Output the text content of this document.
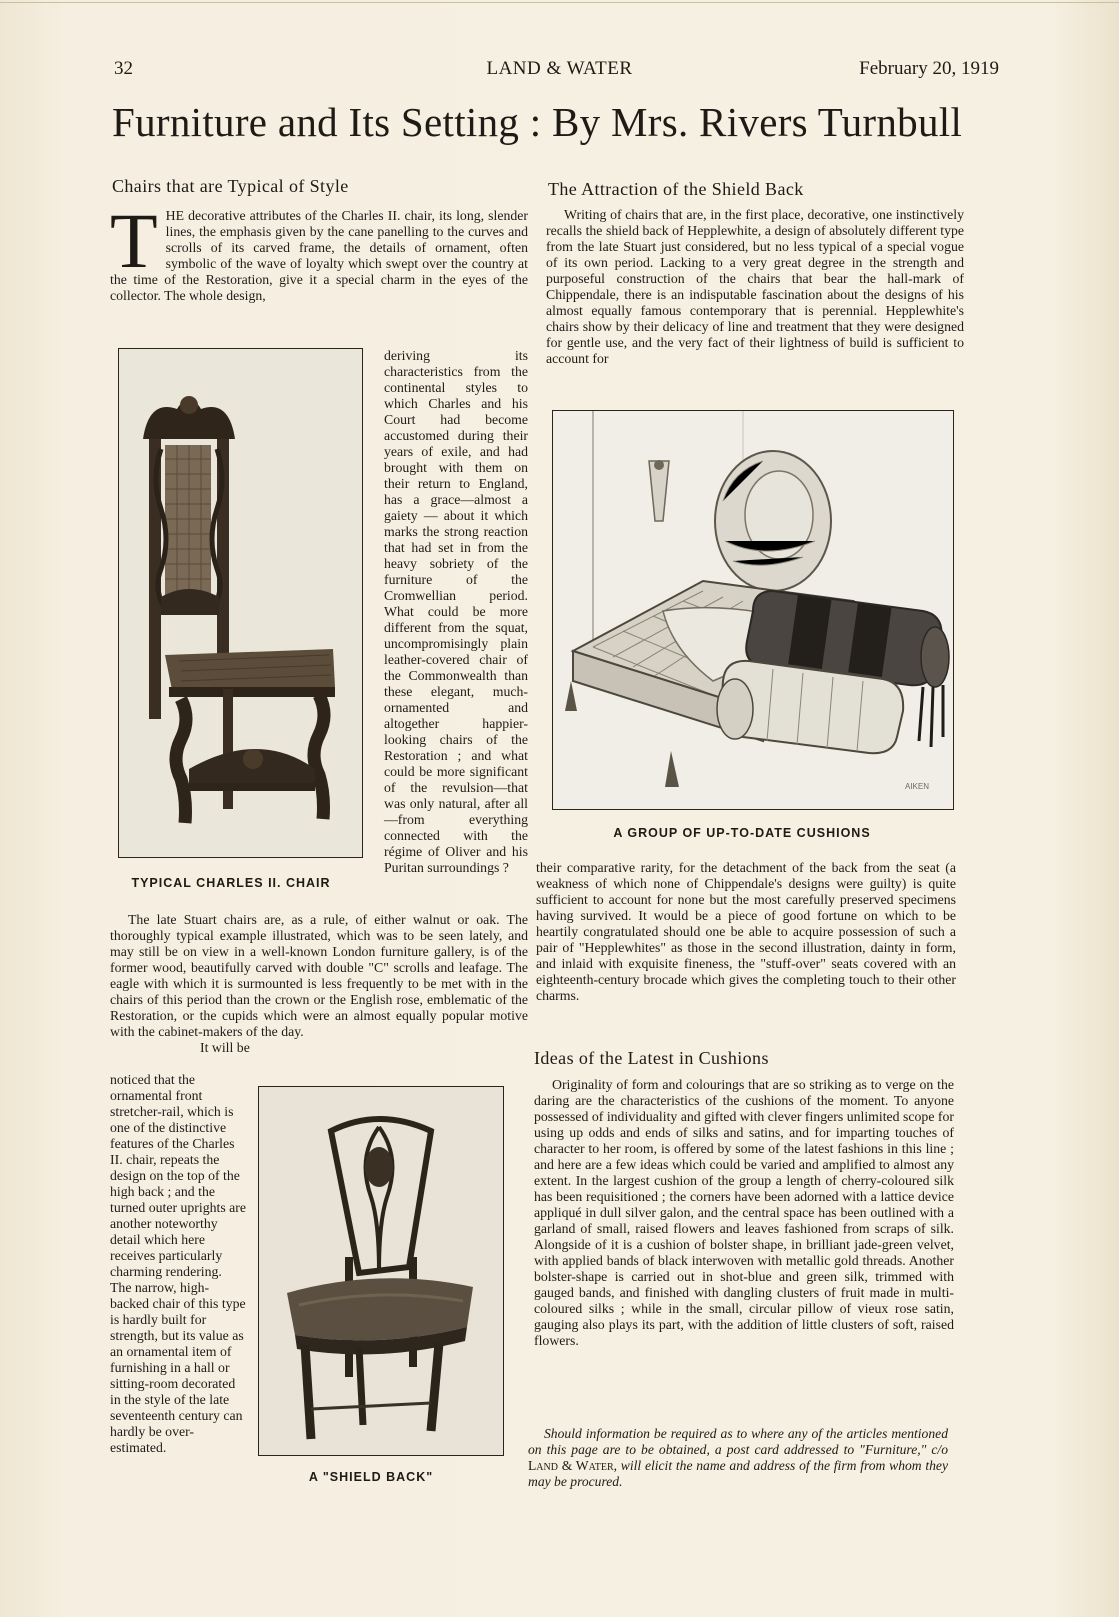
LAND & WATER
32	February 20, 1919
Furniture and Its Setting : By Mrs. Rivers Turnbull
Chairs that are Typical of Style
THE decorative attributes of the Charles II. chair, its long, slender lines, the emphasis given by the cane panelling to the curves and scrolls of its carved frame, the details of ornament, often symbolic of the wave of loyalty which swept over the country at the time of the Restoration, give it a special charm in the eyes of the collector. The whole design,
TYPICAL CHARLES II. CHAIR
deriving its characteristics from the continental styles to which Charles and his Court had become accustomed during their years of exile, and had brought with them on their return to England, has a grace—almost a gaiety — about it which marks the strong reaction that had set in from the heavy sobriety of the furniture of the Cromwellian period. What could be more different from the squat, uncompromisingly plain leather-covered chair of the Commonwealth than these elegant, much-ornamented and altogether happier-looking chairs of the Restoration ; and what could be more significant of the revulsion—that was only natural, after all—from everything connected with the régime of Oliver and his Puritan surroundings ?

The late Stuart chairs are, as a rule, of either walnut or oak. The thoroughly typical example illustrated, which was to be seen lately, and may still be on view in a well-known London furniture gallery, is of the former wood, beautifully carved with double "C" scrolls and leafage. The eagle with which it is surmounted is less frequently to be met with in the chairs of this period than the crown or the English rose, emblematic of the Restoration, or the cupids which were an almost equally popular motive with the cabinet-makers of the day.

It will be

A "SHIELD BACK"
noticed that the ornamental front stretcher-rail, which is one of the distinctive features of the Charles II. chair, repeats the design on the top of the high back ; and the turned outer uprights are another noteworthy detail which here receives particularly charming rendering. The narrow, high-backed chair of this type is hardly built for strength, but its value as an ornamental item of furnishing in a hall or sitting-room decorated in the style of the late seventeenth century can hardly be over-estimated.
The Attraction of the Shield Back

Writing of chairs that are, in the first place, decorative, one instinctively recalls the shield back of Hepplewhite, a design of absolutely different type from the late Stuart just considered, but no less typical of a special vogue of its own period. Lacking to a very great degree in the strength and purposeful construction of the chairs that bear the hall-mark of Chippendale, there is an indisputable fascination about the designs of his almost equally famous contemporary that is perennial. Hepplewhite's chairs show by their delicacy of line and treatment that they were designed for gentle use, and the very fact of their lightness of build is sufficient to account for

AIKEN
A GROUP OF UP-TO-DATE CUSHIONS
their comparative rarity, for the detachment of the back from the seat (a weakness of which none of Chippendale's designs were guilty) is quite sufficient to account for none but the most carefully preserved specimens having survived. It would be a piece of good fortune on which to be heartily congratulated should one be able to acquire possession of such a pair of "Hepplewhites" as those in the second illustration, dainty in form, and inlaid with exquisite fineness, the "stuff-over" seats covered with an eighteenth-century brocade which gives the completing touch to their other charms.
Ideas of the Latest in Cushions

Originality of form and colourings that are so striking as to verge on the daring are the characteristics of the cushions of the moment. To anyone possessed of individuality and gifted with clever fingers unlimited scope for using up odds and ends of silks and satins, and for imparting touches of character to her room, is offered by some of the latest fashions in this line ; and here are a few ideas which could be varied and amplified to almost any extent. In the largest cushion of the group a length of cherry-coloured silk has been requisitioned ; the corners have been adorned with a lattice device appliqué in dull silver galon, and the central space has been outlined with a garland of small, raised flowers and leaves fashioned from scraps of silk. Alongside of it is a cushion of bolster shape, in brilliant jade-green velvet, with applied bands of black interwoven with metallic gold threads. Another bolster-shape is carried out in shot-blue and green silk, trimmed with gauged bands, and finished with dangling clusters of fruit made in multi-coloured silks ; while in the small, circular pillow of vieux rose satin, gauging also plays its part, with the addition of little clusters of soft, raised flowers.

Should information be required as to where any of the articles mentioned on this page are to be obtained, a post card addressed to "Furniture," c/o Land & Water, will elicit the name and address of the firm from whom they may be procured.
